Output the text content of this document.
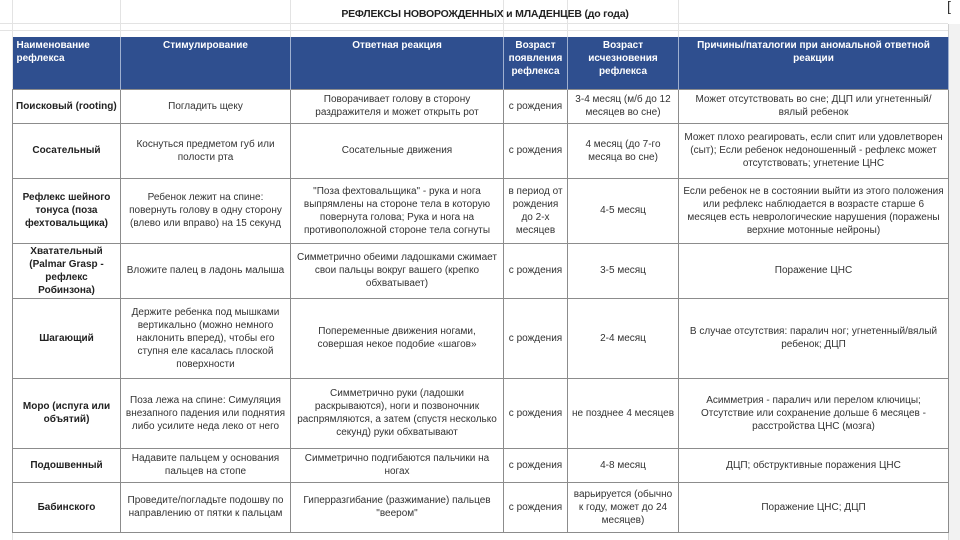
РЕФЛЕКСЫ НОВОРОЖДЕННЫХ и МЛАДЕНЦЕВ (до года)	[
Наименование рефлекса	Стимулирование	Ответная реакция	Возраст появления рефлекса	Возраст исчезновения рефлекса	Причины/паталогии при аномальной ответной реакции
Поисковый (rooting)	Погладить щеку	Поворачивает голову в сторону раздражителя и может открыть рот	с рождения	3-4 месяц (м/б до 12 месяцев во сне)	Может отсутствовать во сне; ДЦП или угнетенный/вялый ребенок
Сосательный	Коснуться предметом губ или полости рта	Сосательные движения	с рождения	4 месяц (до 7-го месяца во сне)	Может плохо реагировать, если спит или удовлетворен (сыт); Если ребенок недоношенный - рефлекс может отсутствовать; угнетение ЦНС
Рефлекс шейного тонуса (поза фехтовальщика)	Ребенок лежит на спине: повернуть голову в одну сторону (влево или вправо) на 15 секунд	"Поза фехтовальщика" - рука и нога выпрямлены на стороне тела в которую повернута голова; Рука и нога на противоположной стороне тела согнуты	в период от рождения до 2-х месяцев	4-5 месяц	Если ребенок не в состоянии выйти из этого положения или рефлекс наблюдается в возрасте старше 6 месяцев есть неврологические нарушения (поражены верхние мотонные нейроны)
Хватательный (Palmar Grasp - рефлекс Робинзона)	Вложите палец в ладонь малыша	Симметрично обеими ладошками сжимает свои пальцы вокруг вашего (крепко обхватывает)	с рождения	3-5 месяц	Поражение ЦНС
Шагающий	Держите ребенка под мышками вертикально (можно немного наклонить вперед), чтобы его ступня еле касалась плоской поверхности	Попеременные движения ногами, совершая некое подобие «шагов»	с рождения	2-4 месяц	В случае отсутствия: паралич ног; угнетенный/вялый ребенок; ДЦП
Моро (испуга или объятий)	Поза лежа на спине: Симуляция внезапного падения или поднятия либо усилите неда леко от него	Симметрично руки (ладошки раскрываются), ноги и позвоночник распрямляются, а затем (спустя несколько секунд) руки обхватывают	с рождения	не позднее 4 месяцев	Асимметрия - паралич или перелом ключицы; Отсутствие или сохранение дольше 6 месяцев - расстройства ЦНС (мозга)
Подошвенный	Надавите пальцем у основания пальцев на стопе	Симметрично подгибаются пальчики на ногах	с рождения	4-8 месяц	ДЦП; обструктивные поражения ЦНС
Бабинского	Проведите/погладьте подошву по направлению от пятки к пальцам	Гиперразгибание (разжимание) пальцев "веером"	с рождения	варьируется (обычно к году, может до 24 месяцев)	Поражение ЦНС; ДЦП
